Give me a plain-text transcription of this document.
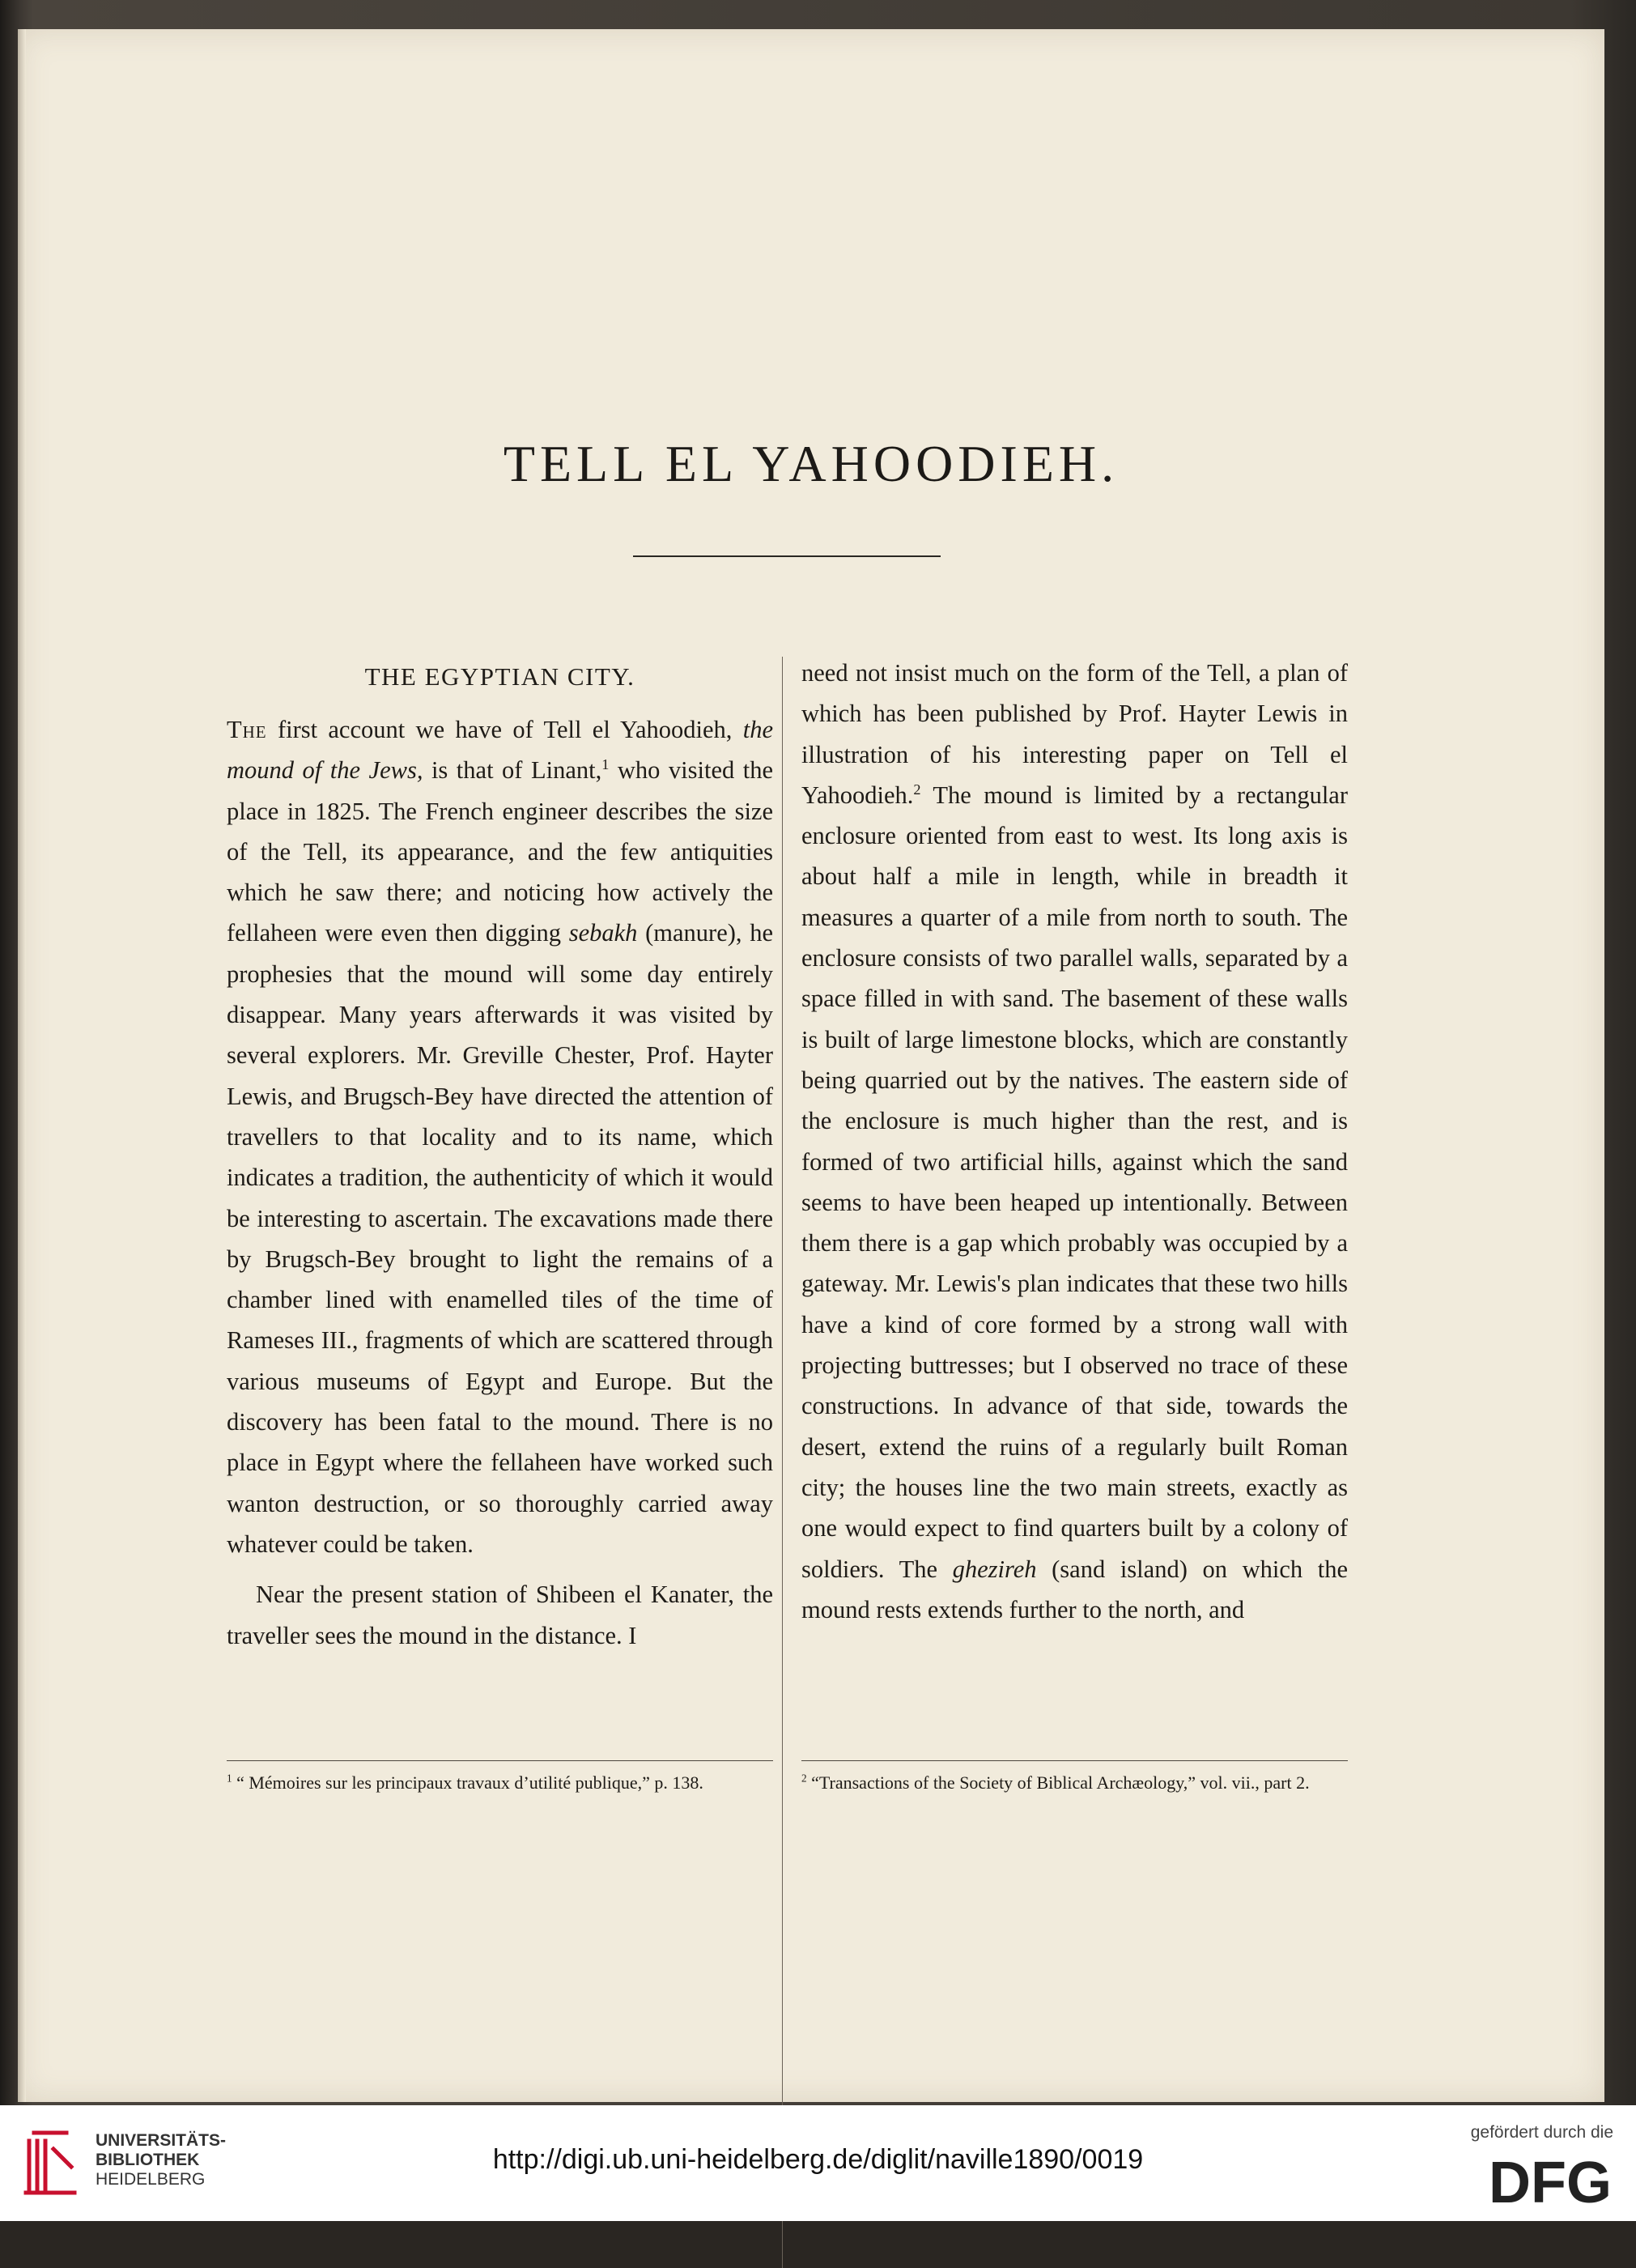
TELL EL YAHOODIEH.

THE EGYPTIAN CITY.

The first account we have of Tell el Yahoodieh, the mound of the Jews, is that of Linant,$^1$ who visited the place in 1825. The French engineer describes the size of the Tell, its appearance, and the few antiquities which he saw there; and noticing how actively the fellaheen were even then digging sebakh (manure), he prophesies that the mound will some day entirely disappear. Many years afterwards it was visited by several explorers. Mr. Greville Chester, Prof. Hayter Lewis, and Brugsch-Bey have directed the attention of travellers to that locality and to its name, which indicates a tradition, the authenticity of which it would be interesting to ascertain. The excavations made there by Brugsch-Bey brought to light the remains of a chamber lined with enamelled tiles of the time of Rameses III., fragments of which are scattered through various museums of Egypt and Europe. But the discovery has been fatal to the mound. There is no place in Egypt where the fellaheen have worked such wanton destruction, or so thoroughly carried away whatever could be taken.

Near the present station of Shibeen el Kanater, the traveller sees the mound in the distance. I

need not insist much on the form of the Tell, a plan of which has been published by Prof. Hayter Lewis in illustration of his interesting paper on Tell el Yahoodieh.$^2$ The mound is limited by a rectangular enclosure oriented from east to west. Its long axis is about half a mile in length, while in breadth it measures a quarter of a mile from north to south. The enclosure consists of two parallel walls, separated by a space filled in with sand. The basement of these walls is built of large limestone blocks, which are constantly being quarried out by the natives. The eastern side of the enclosure is much higher than the rest, and is formed of two artificial hills, against which the sand seems to have been heaped up intentionally. Between them there is a gap which probably was occupied by a gateway. Mr. Lewis's plan indicates that these two hills have a kind of core formed by a strong wall with projecting buttresses; but I observed no trace of these constructions. In advance of that side, towards the desert, extend the ruins of a regularly built Roman city; the houses line the two main streets, exactly as one would expect to find quarters built by a colony of soldiers. The ghezireh (sand island) on which the mound rests extends further to the north, and

$^1$ “ Mémoires sur les principaux travaux d’utilité publique,” p. 138.	$^2$ “Transactions of the Society of Biblical Archæology,” vol. vii., part 2.
UNIVERSITÄTS-
BIBLIOTHEK
HEIDELBERG
http://digi.ub.uni-heidelberg.de/diglit/naville1890/0019
gefördert durch die
DFG
